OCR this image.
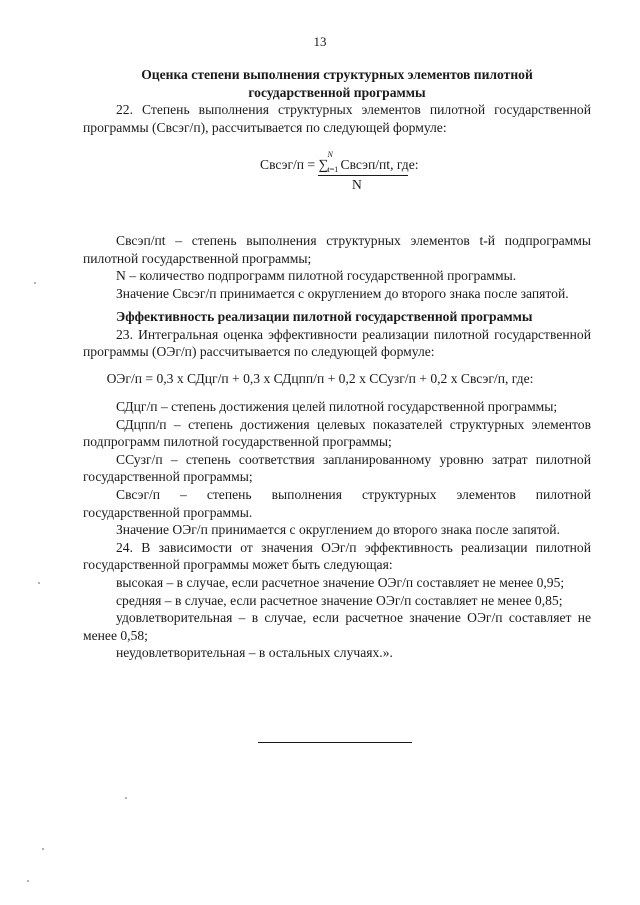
13

Оценка степени выполнения структурных элементов пилотной государственной программы

22. Степень выполнения структурных элементов пилотной государственной программы (Свсэг/п), рассчитывается по следующей формуле:

Свсэг/п = ∑
N
t=1 Свсэп/пt, где:
N

Свсэп/пt – степень выполнения структурных элементов t-й подпрограммы пилотной государственной программы;

N – количество подпрограмм пилотной государственной программы.

Значение Свсэг/п принимается с округлением до второго знака после запятой.

Эффективность реализации пилотной государственной программы

23. Интегральная оценка эффективности реализации пилотной государственной программы (ОЭг/п) рассчитывается по следующей формуле:

ОЭг/п = 0,3 x СДцг/п + 0,3 x СДцпп/п + 0,2 x ССузг/п + 0,2 x Свсэг/п, где:

СДцг/п – степень достижения целей пилотной государственной программы;

СДцпп/п – степень достижения целевых показателей структурных элементов подпрограмм пилотной государственной программы;

ССузг/п – степень соответствия запланированному уровню затрат пилотной государственной программы;

Свсэг/п – степень выполнения структурных элементов пилотной государственной программы.

Значение ОЭг/п принимается с округлением до второго знака после запятой.

24. В зависимости от значения ОЭг/п эффективность реализации пилотной государственной программы может быть следующая:

высокая – в случае, если расчетное значение ОЭг/п составляет не менее 0,95;

средняя – в случае, если расчетное значение ОЭг/п составляет не менее 0,85;

удовлетворительная – в случае, если расчетное значение ОЭг/п составляет не менее 0,58;

неудовлетворительная – в остальных случаях.».
